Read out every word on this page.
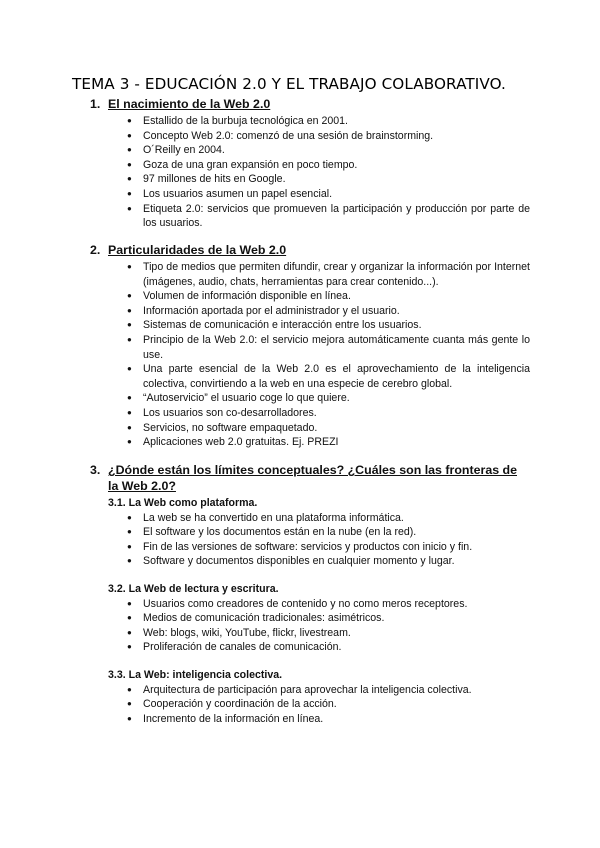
TEMA 3 - EDUCACIÓN 2.0 Y EL TRABAJO COLABORATIVO.
1. El nacimiento de la Web 2.0
● Estallido de la burbuja tecnológica en 2001.
● Concepto Web 2.0: comenzó de una sesión de brainstorming.
● O´Reilly en 2004.
● Goza de una gran expansión en poco tiempo.
● 97 millones de hits en Google.
● Los usuarios asumen un papel esencial.
● Etiqueta 2.0: servicios que promueven la participación y producción por parte de los usuarios.
2. Particularidades de la Web 2.0
● Tipo de medios que permiten difundir, crear y organizar la información por Internet (imágenes, audio, chats, herramientas para crear contenido...).
● Volumen de información disponible en línea.
● Información aportada por el administrador y el usuario.
● Sistemas de comunicación e interacción entre los usuarios.
● Principio de la Web 2.0: el servicio mejora automáticamente cuanta más gente lo use.
● Una parte esencial de la Web 2.0 es el aprovechamiento de la inteligencia colectiva, convirtiendo a la web en una especie de cerebro global.
● “Autoservicio” el usuario coge lo que quiere.
● Los usuarios son co-desarrolladores.
● Servicios, no software empaquetado.
● Aplicaciones web 2.0 gratuitas. Ej. PREZI
3. ¿Dónde están los límites conceptuales? ¿Cuáles son las fronteras de la Web 2.0?
3.1. La Web como plataforma.
● La web se ha convertido en una plataforma informática.
● El software y los documentos están en la nube (en la red).
● Fin de las versiones de software: servicios y productos con inicio y fin.
● Software y documentos disponibles en cualquier momento y lugar.
3.2. La Web de lectura y escritura.
● Usuarios como creadores de contenido y no como meros receptores.
● Medios de comunicación tradicionales: asimétricos.
● Web: blogs, wiki, YouTube, flickr, livestream.
● Proliferación de canales de comunicación.
3.3. La Web: inteligencia colectiva.
● Arquitectura de participación para aprovechar la inteligencia colectiva.
● Cooperación y coordinación de la acción.
● Incremento de la información en línea.
